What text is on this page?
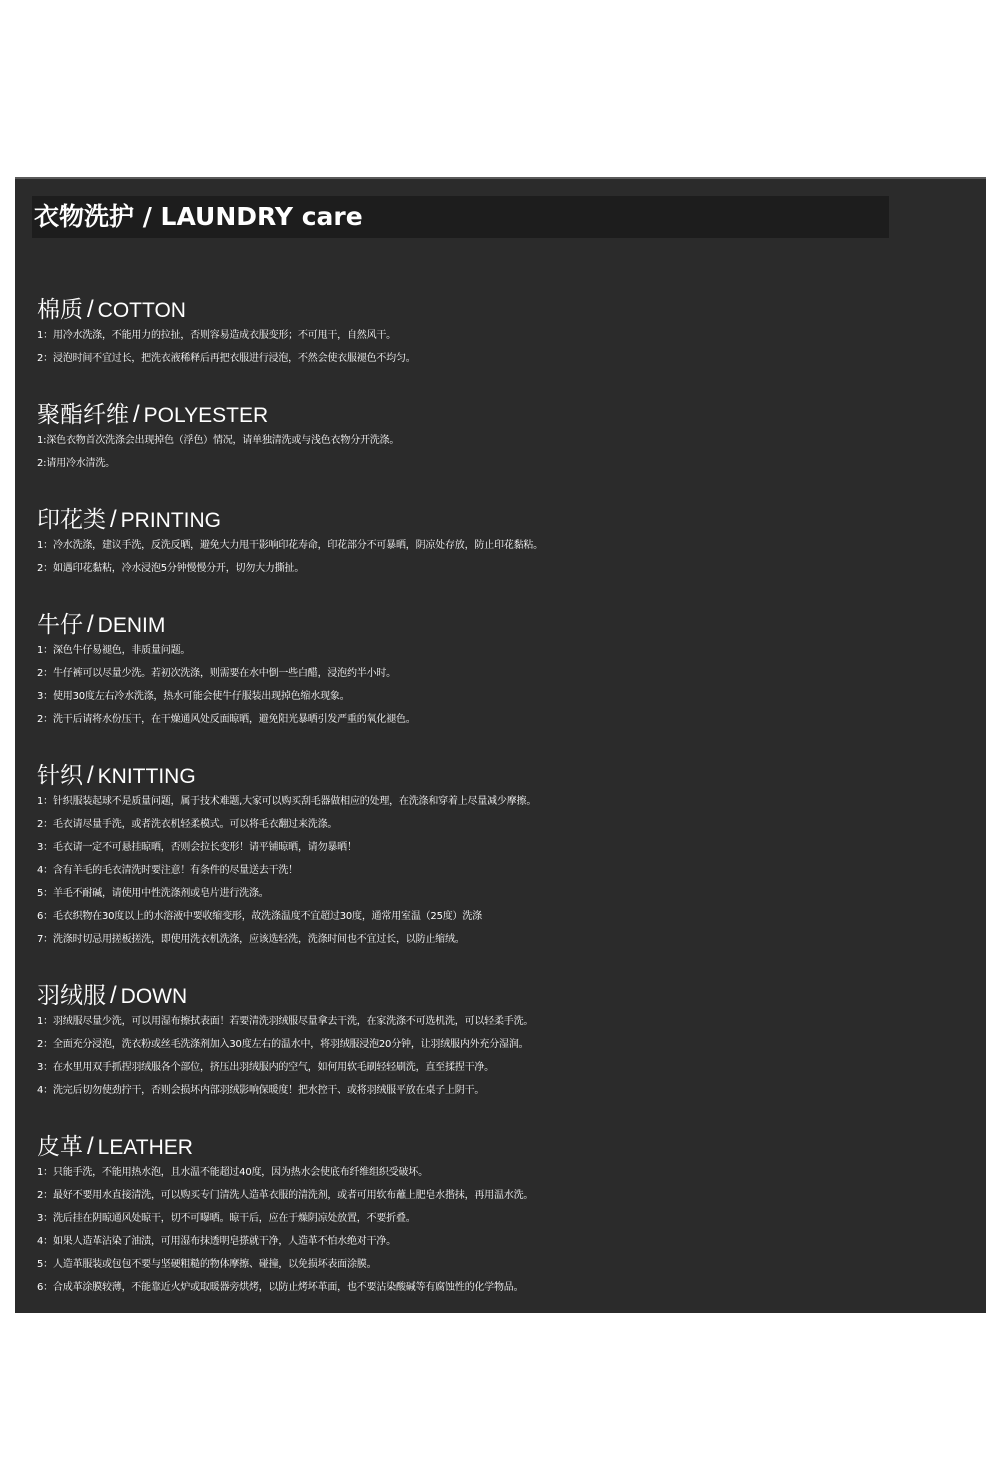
衣物洗护 / LAUNDRY care
棉质 / COTTON
1：用冷水洗涤，不能用力的拉扯，否则容易造成衣服变形；不可甩干，自然风干。
2：浸泡时间不宜过长，把洗衣液稀释后再把衣服进行浸泡，不然会使衣服褪色不均匀。
聚酯纤维 / POLYESTER
1:深色衣物首次洗涤会出现掉色（浮色）情况，请单独清洗或与浅色衣物分开洗涤。
2:请用冷水清洗。
印花类 / PRINTING
1：冷水洗涤，建议手洗，反洗反晒，避免大力甩干影响印花寿命，印花部分不可暴晒，阴凉处存放，防止印花黏粘。
2：如遇印花黏粘，冷水浸泡5分钟慢慢分开，切勿大力撕扯。
牛仔 / DENIM
1：深色牛仔易褪色，非质量问题。
2：牛仔裤可以尽量少洗。若初次洗涤，则需要在水中倒一些白醋，浸泡约半小时。
3：使用30度左右冷水洗涤，热水可能会使牛仔服装出现掉色缩水现象。
2：洗干后请将水份压干，在干燥通风处反面晾晒，避免阳光暴晒引发严重的氧化褪色。
针织 / KNITTING
1：针织服装起球不是质量问题，属于技术难题,大家可以购买刮毛器做相应的处理，在洗涤和穿着上尽量减少摩擦。
2：毛衣请尽量手洗，或者洗衣机轻柔模式。可以将毛衣翻过来洗涤。
3：毛衣请一定不可悬挂晾晒，否则会拉长变形！请平铺晾晒，请勿暴晒！
4：含有羊毛的毛衣清洗时要注意！有条件的尽量送去干洗！
5：羊毛不耐碱，请使用中性洗涤剂或皂片进行洗涤。
6：毛衣织物在30度以上的水溶液中要收缩变形，故洗涤温度不宜超过30度，通常用室温（25度）洗涤
7：洗涤时切忌用搓板搓洗，即使用洗衣机洗涤，应该选轻洗，洗涤时间也不宜过长，以防止缩绒。
羽绒服 / DOWN
1：羽绒服尽量少洗，可以用湿布擦拭表面！若要清洗羽绒服尽量拿去干洗，在家洗涤不可选机洗，可以轻柔手洗。
2：全面充分浸泡，洗衣粉或丝毛洗涤剂加入30度左右的温水中，将羽绒服浸泡20分钟，让羽绒服内外充分湿润。
3：在水里用双手抓捏羽绒服各个部位，挤压出羽绒服内的空气，如何用软毛刷轻轻刷洗，直至揉捏干净。
4：洗完后切勿使劲拧干，否则会损坏内部羽绒影响保暖度！把水控干、或将羽绒服平放在桌子上阴干。
皮革 / LEATHER
1：只能手洗，不能用热水泡，且水温不能超过40度，因为热水会使底布纤维组织受破坏。
2：最好不要用水直接清洗，可以购买专门清洗人造革衣服的清洗剂，或者可用软布蘸上肥皂水揩抹，再用温水洗。
3：洗后挂在阴晾通风处晾干，切不可曝晒。晾干后，应在于燥阴凉处放置，不要折叠。
4：如果人造革沾染了油渍，可用湿布抹透明皂搽就干净，人造革不怕水绝对干净。
5：人造革服装或包包不要与坚硬粗糙的物体摩擦、碰撞，以免损坏表面涂膜。
6：合成革涂膜较薄，不能靠近火炉或取暖器旁烘烤，以防止烤坏革面，也不要沾染酸碱等有腐蚀性的化学物品。
